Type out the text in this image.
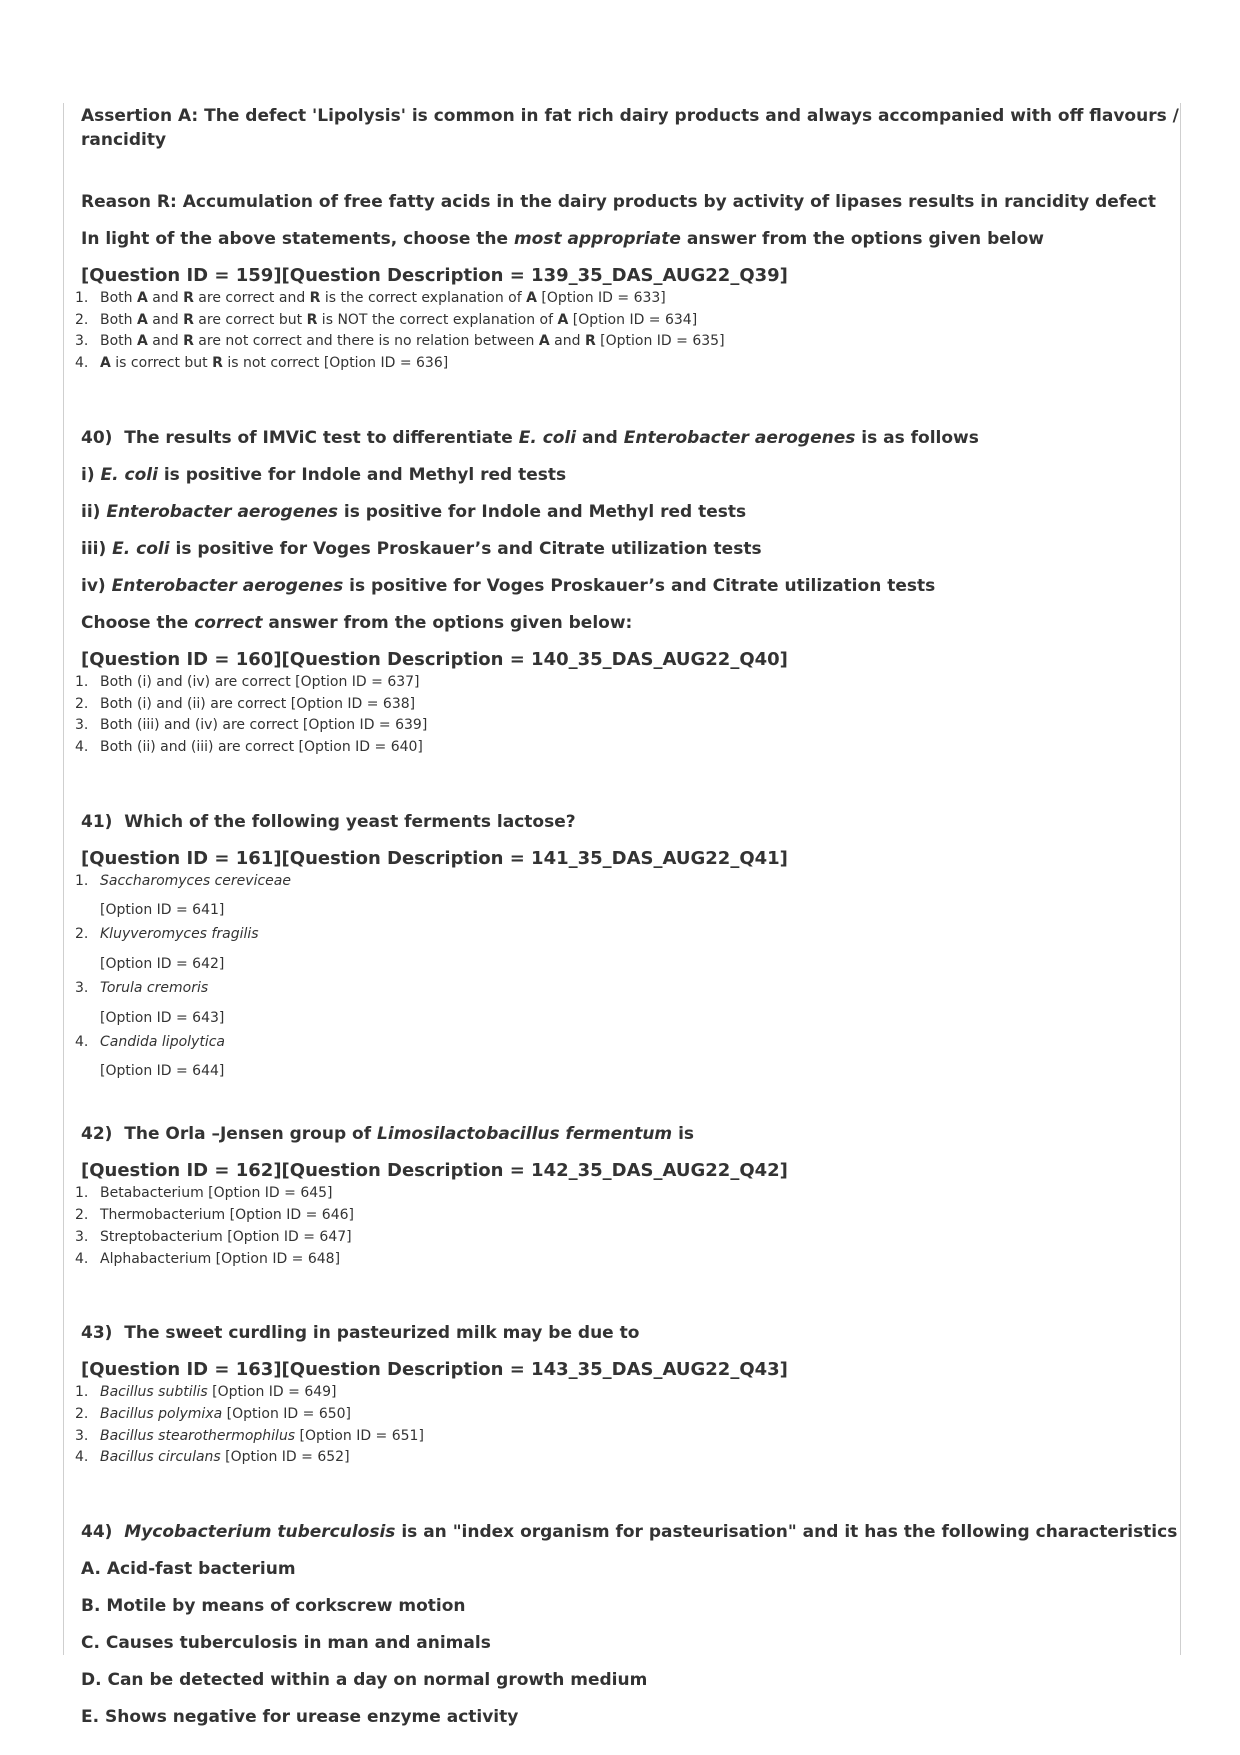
Assertion A: The defect 'Lipolysis' is common in fat rich dairy products and always accompanied with off flavours / rancidity

Reason R: Accumulation of free fatty acids in the dairy products by activity of lipases results in rancidity defect

In light of the above statements, choose the most appropriate answer from the options given below

[Question ID = 159][Question Description = 139_35_DAS_AUG22_Q39]
1. Both A and R are correct and R is the correct explanation of A [Option ID = 633]
2. Both A and R are correct but R is NOT the correct explanation of A [Option ID = 634]
3. Both A and R are not correct and there is no relation between A and R [Option ID = 635]
4. A is correct but R is not correct [Option ID = 636]

40) The results of IMViC test to differentiate E. coli and Enterobacter aerogenes is as follows

i) E. coli is positive for Indole and Methyl red tests

ii) Enterobacter aerogenes is positive for Indole and Methyl red tests

iii) E. coli is positive for Voges Proskauer’s and Citrate utilization tests

iv) Enterobacter aerogenes is positive for Voges Proskauer’s and Citrate utilization tests

Choose the correct answer from the options given below:

[Question ID = 160][Question Description = 140_35_DAS_AUG22_Q40]
1. Both (i) and (iv) are correct [Option ID = 637]
2. Both (i) and (ii) are correct [Option ID = 638]
3. Both (iii) and (iv) are correct [Option ID = 639]
4. Both (ii) and (iii) are correct [Option ID = 640]

41) Which of the following yeast ferments lactose?

[Question ID = 161][Question Description = 141_35_DAS_AUG22_Q41]
1. Saccharomyces cereviceae
[Option ID = 641]
2. Kluyveromyces fragilis
[Option ID = 642]
3. Torula cremoris
[Option ID = 643]
4. Candida lipolytica
[Option ID = 644]

42) The Orla –Jensen group of Limosilactobacillus fermentum is

[Question ID = 162][Question Description = 142_35_DAS_AUG22_Q42]
1. Betabacterium [Option ID = 645]
2. Thermobacterium [Option ID = 646]
3. Streptobacterium [Option ID = 647]
4. Alphabacterium [Option ID = 648]

43) The sweet curdling in pasteurized milk may be due to

[Question ID = 163][Question Description = 143_35_DAS_AUG22_Q43]
1. Bacillus subtilis [Option ID = 649]
2. Bacillus polymixa [Option ID = 650]
3. Bacillus stearothermophilus [Option ID = 651]
4. Bacillus circulans [Option ID = 652]

44) Mycobacterium tuberculosis is an "index organism for pasteurisation" and it has the following characteristics

A. Acid-fast bacterium

B. Motile by means of corkscrew motion

C. Causes tuberculosis in man and animals

D. Can be detected within a day on normal growth medium

E. Shows negative for urease enzyme activity
